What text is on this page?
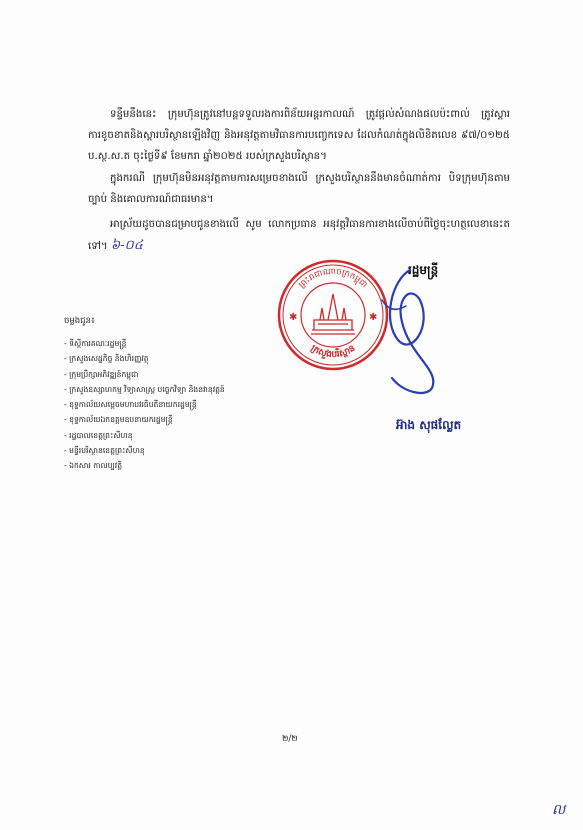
ទន្ទឹមនឹងនេះ ក្រុមហ៊ុនត្រូវនៅបន្តទទួលរងការពិន័យអន្តរកាលណ៍ ត្រូវផ្តល់សំណងផលប៉ះពាល់ ត្រូវស្តារការខូចខាតនិងស្តារបរិស្ថានឡើងវិញ និងអនុវត្តតាមវិធានការបញ្ចេកទេស ដែលកំណត់ក្នុងលិខិតលេខ ៩៧/០១២៥ ប.ស្ថ.ស.ត ចុះថ្ងៃទី៩ ខែមករា ឆ្នាំ២០២៥ របស់ក្រសួងបរិស្ថាន។

ក្នុងករណី ក្រុមហ៊ុនមិនអនុវត្តតាមការសម្រេចខាងលើ ក្រសួងបរិស្ថាននឹងមានចំណាត់ការ បិទក្រុមហ៊ុនតាមច្បាប់ និងគោលការណ៍ជាធរមាន។

អាស្រ័យដូចបានជម្រាបជូនខាងលើ សូម លោកប្រធាន អនុវត្តវិធានការខាងលើចាប់ពីថ្ងៃចុះហត្ថលេខានេះតទៅ។ ៦-០៤

ព្រះរាជាណាចក្រកម្ពុជា
ក្រសួងបរិស្ថាន
✱	✱
រដ្ឋមន្ត្រី
អ៊ាង សុផល្លែត
ចម្លងជូន៖
- ទីស្តីការគណៈរដ្ឋមន្ត្រី
- ក្រសួងសេដ្ឋកិច្ច និងហិរញ្ញវត្ថុ
- ក្រុមប្រឹក្សាអភិវឌ្ឍន៍កម្ពុជា
- ក្រសួងឧស្សាហកម្ម វិទ្យាសាស្ត្រ បច្ចេកវិទ្យា និងនវានុវត្តន៍
- ខុទ្ទកាល័យសម្តេចមហាបវរធិបតីនាយករដ្ឋមន្ត្រី
- ខុទ្ទកាល័យឯកឧត្តមឧបនាយករដ្ឋមន្ត្រី
- រដ្ឋបាលខេត្តព្រះសីហនុ
- មន្ទីរបរិស្ថានខេត្តព្រះសីហនុ
- ឯកសារ កាលប្បវត្តិ
២/២
ល
